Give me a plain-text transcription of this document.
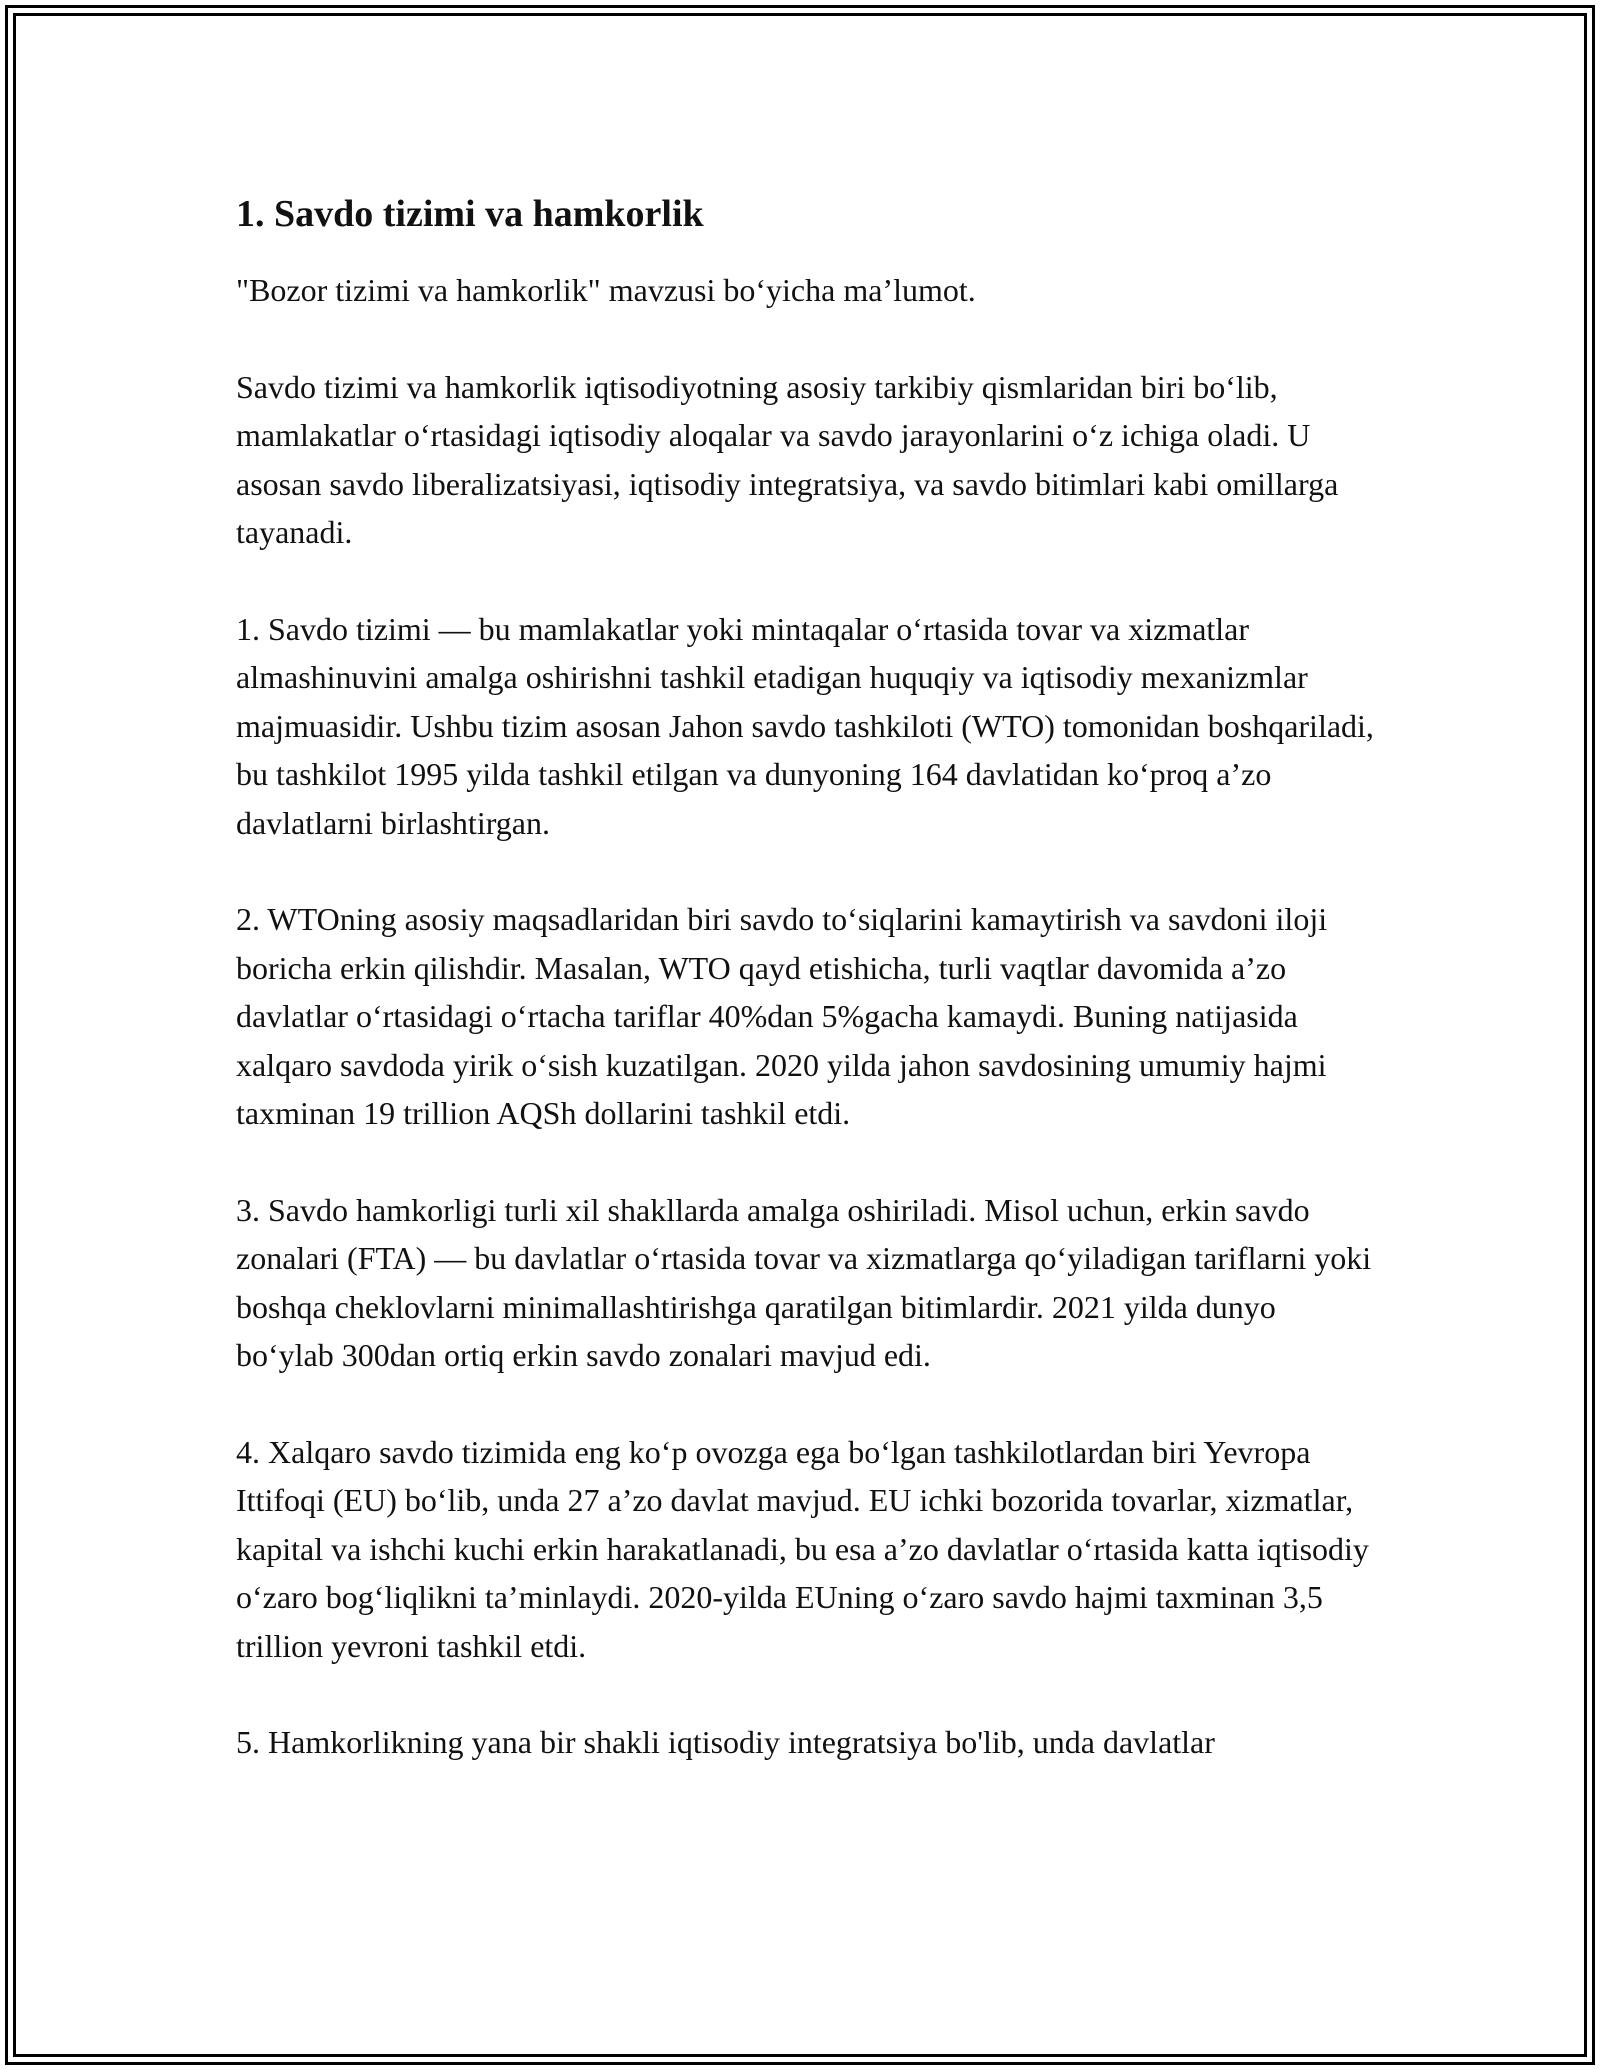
1. Savdo tizimi va hamkorlik

"Bozor tizimi va hamkorlik" mavzusi bo‘yicha ma’lumot.

Savdo tizimi va hamkorlik iqtisodiyotning asosiy tarkibiy qismlaridan biri bo‘lib, mamlakatlar o‘rtasidagi iqtisodiy aloqalar va savdo jarayonlarini o‘z ichiga oladi. U asosan savdo liberalizatsiyasi, iqtisodiy integratsiya, va savdo bitimlari kabi omillarga tayanadi.

1. Savdo tizimi — bu mamlakatlar yoki mintaqalar o‘rtasida tovar va xizmatlar almashinuvini amalga oshirishni tashkil etadigan huquqiy va iqtisodiy mexanizmlar majmuasidir. Ushbu tizim asosan Jahon savdo tashkiloti (WTO) tomonidan boshqariladi, bu tashkilot 1995 yilda tashkil etilgan va dunyoning 164 davlatidan ko‘proq a’zo davlatlarni birlashtirgan.

2. WTOning asosiy maqsadlaridan biri savdo to‘siqlarini kamaytirish va savdoni iloji boricha erkin qilishdir. Masalan, WTO qayd etishicha, turli vaqtlar davomida a’zo davlatlar o‘rtasidagi o‘rtacha tariflar 40%dan 5%gacha kamaydi. Buning natijasida xalqaro savdoda yirik o‘sish kuzatilgan. 2020 yilda jahon savdosining umumiy hajmi taxminan 19 trillion AQSh dollarini tashkil etdi.

3. Savdo hamkorligi turli xil shakllarda amalga oshiriladi. Misol uchun, erkin savdo zonalari (FTA) — bu davlatlar o‘rtasida tovar va xizmatlarga qo‘yiladigan tariflarni yoki boshqa cheklovlarni minimallashtirishga qaratilgan bitimlardir. 2021 yilda dunyo bo‘ylab 300dan ortiq erkin savdo zonalari mavjud edi.

4. Xalqaro savdo tizimida eng ko‘p ovozga ega bo‘lgan tashkilotlardan biri Yevropa Ittifoqi (EU) bo‘lib, unda 27 a’zo davlat mavjud. EU ichki bozorida tovarlar, xizmatlar, kapital va ishchi kuchi erkin harakatlanadi, bu esa a’zo davlatlar o‘rtasida katta iqtisodiy o‘zaro bog‘liqlikni ta’minlaydi. 2020-yilda EUning o‘zaro savdo hajmi taxminan 3,5 trillion yevroni tashkil etdi.

5. Hamkorlikning yana bir shakli iqtisodiy integratsiya bo'lib, unda davlatlar
